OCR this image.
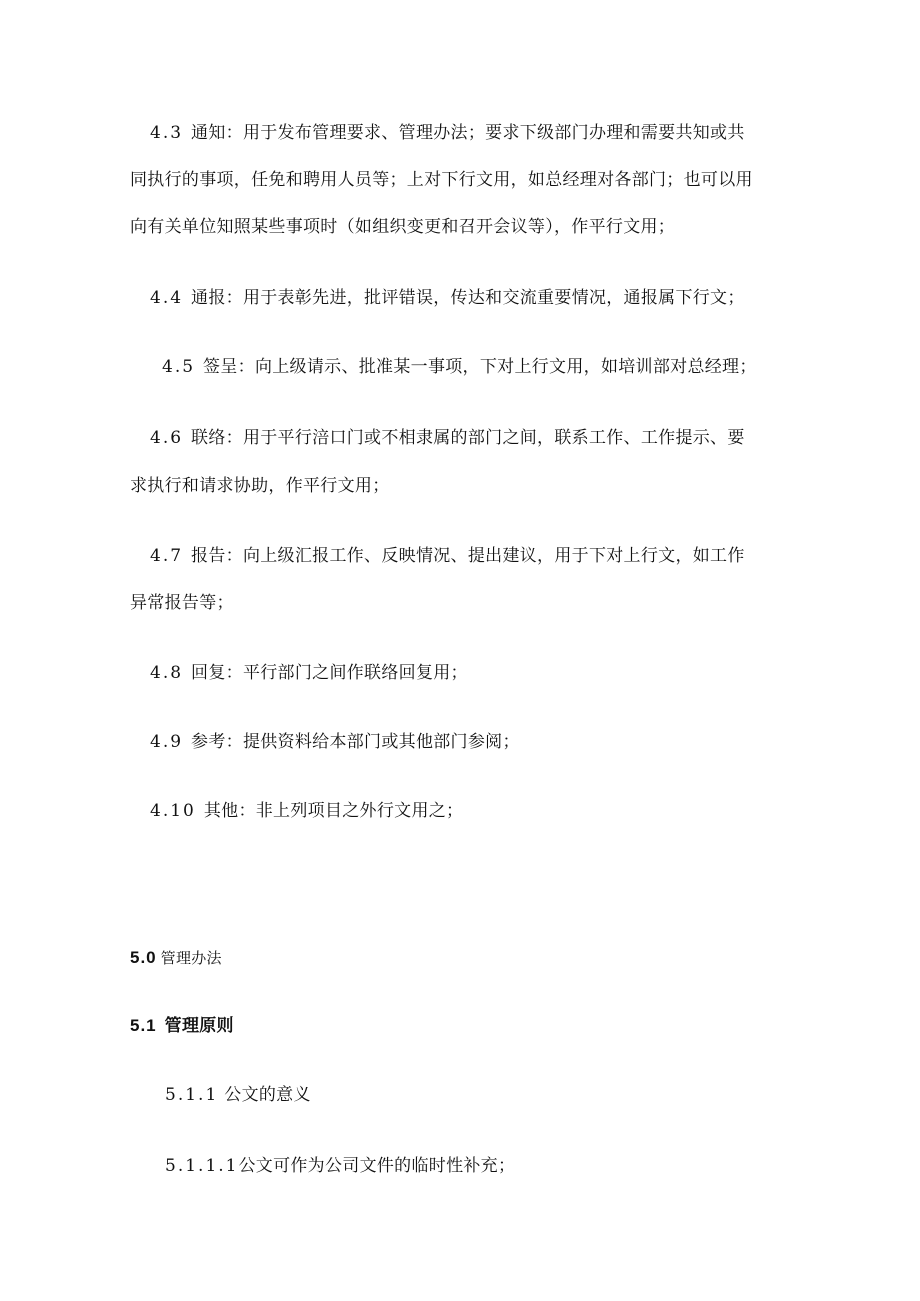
4.3 通知：用于发布管理要求、管理办法；要求下级部门办理和需要共知或共
同执行的事项，任免和聘用人员等；上对下行文用，如总经理对各部门；也可以用
向有关单位知照某些事项时（如组织变更和召开会议等），作平行文用；
4.4 通报：用于表彰先进，批评错误，传达和交流重要情况，通报属下行文；
4.5 签呈：向上级请示、批准某一事项，下对上行文用，如培训部对总经理；
4.6 联络：用于平行涪口门或不相隶属的部门之间，联系工作、工作提示、要
求执行和请求协助，作平行文用；
4.7 报告：向上级汇报工作、反映情况、提出建议，用于下对上行文，如工作
异常报告等；
4.8 回复：平行部门之间作联络回复用；
4.9 参考：提供资料给本部门或其他部门参阅；
4.10 其他：非上列项目之外行文用之；
5.0 管理办法
5.1 管理原则
5.1.1 公文的意义
5.1.1.1公文可作为公司文件的临时性补充；
